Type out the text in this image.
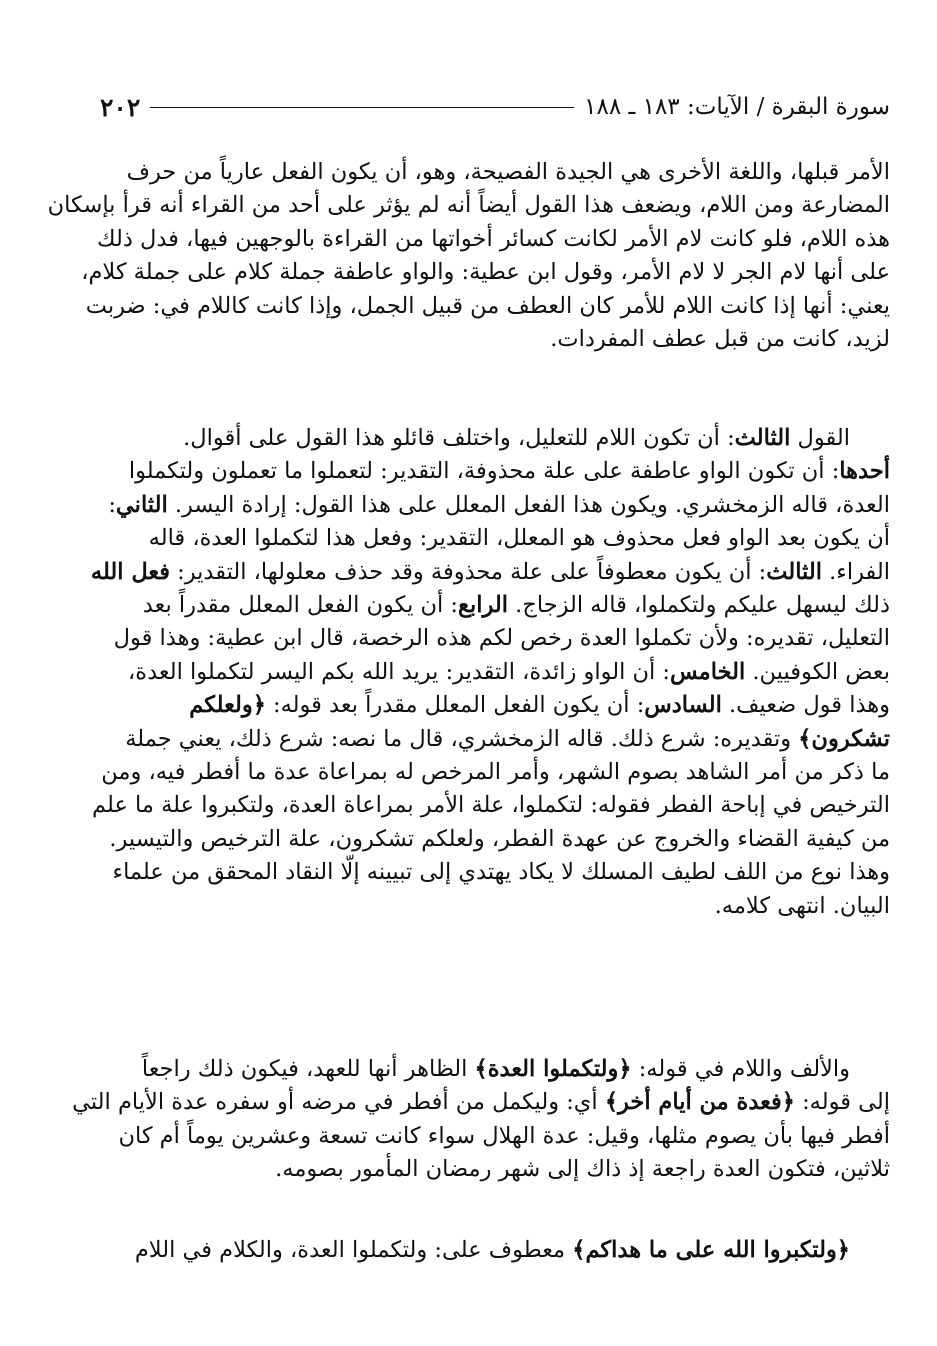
٢٠٢	سورة البقرة / الآيات: ١٨٣ ـ ١٨٨
الأمر قبلها، واللغة الأخرى هي الجيدة الفصيحة، وهو، أن يكون الفعل عارياً من حرف
المضارعة ومن اللام، ويضعف هذا القول أيضاً أنه لم يؤثر على أحد من القراء أنه قرأ بإسكان
هذه اللام، فلو كانت لام الأمر لكانت كسائر أخواتها من القراءة بالوجهين فيها، فدل ذلك
على أنها لام الجر لا لام الأمر، وقول ابن عطية: والواو عاطفة جملة كلام على جملة كلام،
يعني: أنها إذا كانت اللام للأمر كان العطف من قبيل الجمل، وإذا كانت كاللام في: ضربت
لزيد، كانت من قبل عطف المفردات.
القول الثالث: أن تكون اللام للتعليل، واختلف قائلو هذا القول على أقوال.
أحدها: أن تكون الواو عاطفة على علة محذوفة، التقدير: لتعملوا ما تعملون ولتكملوا
العدة، قاله الزمخشري. ويكون هذا الفعل المعلل على هذا القول: إرادة اليسر. الثاني:
أن يكون بعد الواو فعل محذوف هو المعلل، التقدير: وفعل هذا لتكملوا العدة، قاله
الفراء. الثالث: أن يكون معطوفاً على علة محذوفة وقد حذف معلولها، التقدير: فعل الله
ذلك ليسهل عليكم ولتكملوا، قاله الزجاج. الرابع: أن يكون الفعل المعلل مقدراً بعد
التعليل، تقديره: ولأن تكملوا العدة رخص لكم هذه الرخصة، قال ابن عطية: وهذا قول
بعض الكوفيين. الخامس: أن الواو زائدة، التقدير: يريد الله بكم اليسر لتكملوا العدة،
وهذا قول ضعيف. السادس: أن يكون الفعل المعلل مقدراً بعد قوله: ﴿ولعلكم
تشكرون﴾ وتقديره: شرع ذلك. قاله الزمخشري، قال ما نصه: شرع ذلك، يعني جملة
ما ذكر من أمر الشاهد بصوم الشهر، وأمر المرخص له بمراعاة عدة ما أفطر فيه، ومن
الترخيص في إباحة الفطر فقوله: لتكملوا، علة الأمر بمراعاة العدة، ولتكبروا علة ما علم
من كيفية القضاء والخروج عن عهدة الفطر، ولعلكم تشكرون، علة الترخيص والتيسير.
وهذا نوع من اللف لطيف المسلك لا يكاد يهتدي إلى تبيينه إلّا النقاد المحقق من علماء
البيان. انتهى كلامه.
والألف واللام في قوله: ﴿ولتكملوا العدة﴾ الظاهر أنها للعهد، فيكون ذلك راجعاً
إلى قوله: ﴿فعدة من أيام أخر﴾ أي: وليكمل من أفطر في مرضه أو سفره عدة الأيام التي
أفطر فيها بأن يصوم مثلها، وقيل: عدة الهلال سواء كانت تسعة وعشرين يوماً أم كان
ثلاثين، فتكون العدة راجعة إذ ذاك إلى شهر رمضان المأمور بصومه.
﴿ولتكبروا الله على ما هداكم﴾ معطوف على: ولتكملوا العدة، والكلام في اللام
